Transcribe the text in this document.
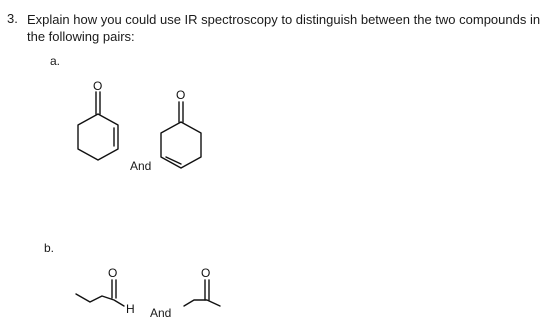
3. Explain how you could use IR spectroscopy to distinguish between the two compounds in the following pairs:
a.
O
And
O
b.
O
H And
O
